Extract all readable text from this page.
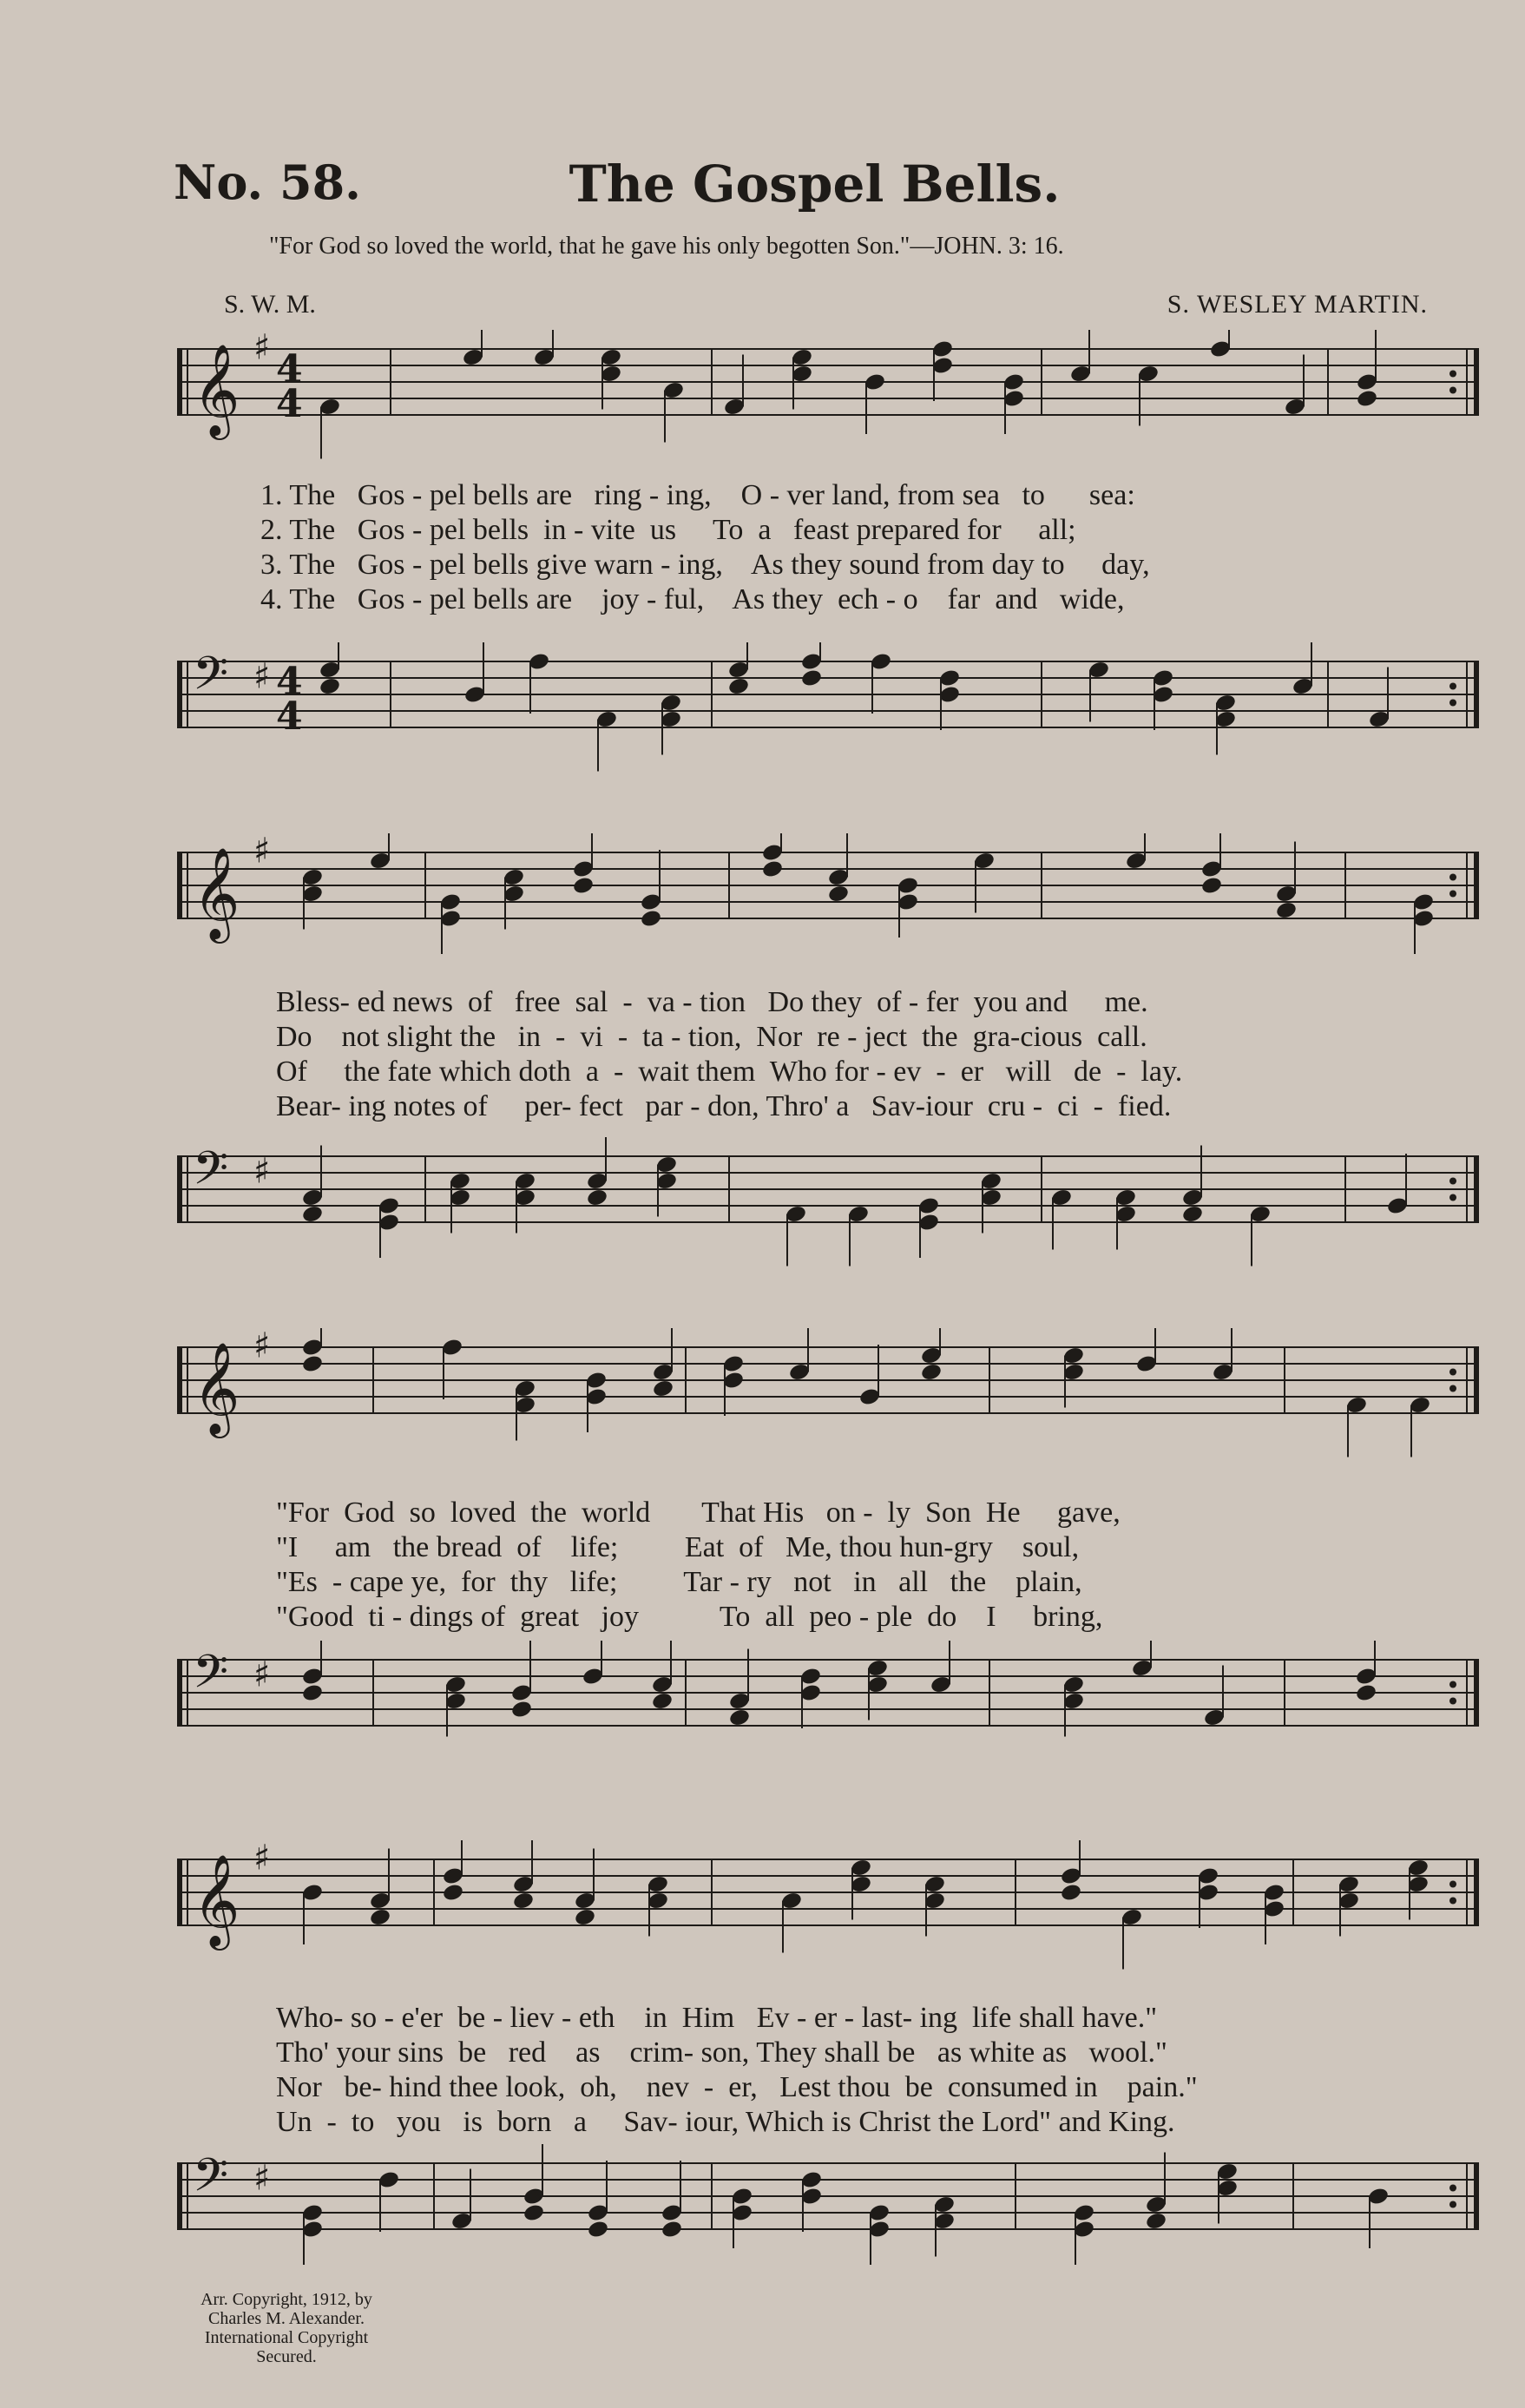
No. 58.	The Gospel Bells.
"For God so loved the world, that he gave his only begotten Son."—JOHN. 3: 16.
S. W. M.	S. WESLEY MARTIN.
𝄞 ♯ 4
4
1. The   Gos - pel bells are   ring - ing,    O - ver land, from sea   to      sea:
2. The   Gos - pel bells  in - vite  us     To  a   feast prepared for     all;
3. The   Gos - pel bells give warn - ing,    As they sound from day to     day,
4. The   Gos - pel bells are    joy - ful,    As they  ech - o    far  and   wide,
𝄢 ♯ 4
4
𝄞 ♯
Bless- ed news  of   free  sal  -  va - tion   Do they  of - fer  you and     me.
Do    not slight the   in  -  vi  -  ta - tion,  Nor  re - ject  the  gra-cious  call.
Of     the fate which doth  a  -  wait them  Who for - ev  -  er   will   de  -  lay.
Bear- ing notes of     per- fect   par - don, Thro' a   Sav-iour  cru -  ci  -  fied.
𝄢 ♯
𝄞 ♯
"For  God  so  loved  the  world       That His   on -  ly  Son  He     gave,
"I     am   the bread  of    life;         Eat  of   Me, thou hun-gry    soul,
"Es  - cape ye,  for  thy   life;         Tar - ry   not   in   all   the    plain,
"Good  ti - dings of  great   joy           To  all  peo - ple  do    I     bring,
𝄢 ♯
𝄞 ♯
Who- so - e'er  be - liev - eth    in  Him   Ev - er - last- ing  life shall have."
Tho' your sins  be   red    as    crim- son, They shall be   as white as   wool."
Nor   be- hind thee look,  oh,    nev  -  er,   Lest thou  be  consumed in    pain."
Un  -  to   you   is  born   a     Sav- iour, Which is Christ the Lord" and King.
𝄢 ♯
Arr. Copyright, 1912, by
Charles M. Alexander.
International Copyright Secured.
